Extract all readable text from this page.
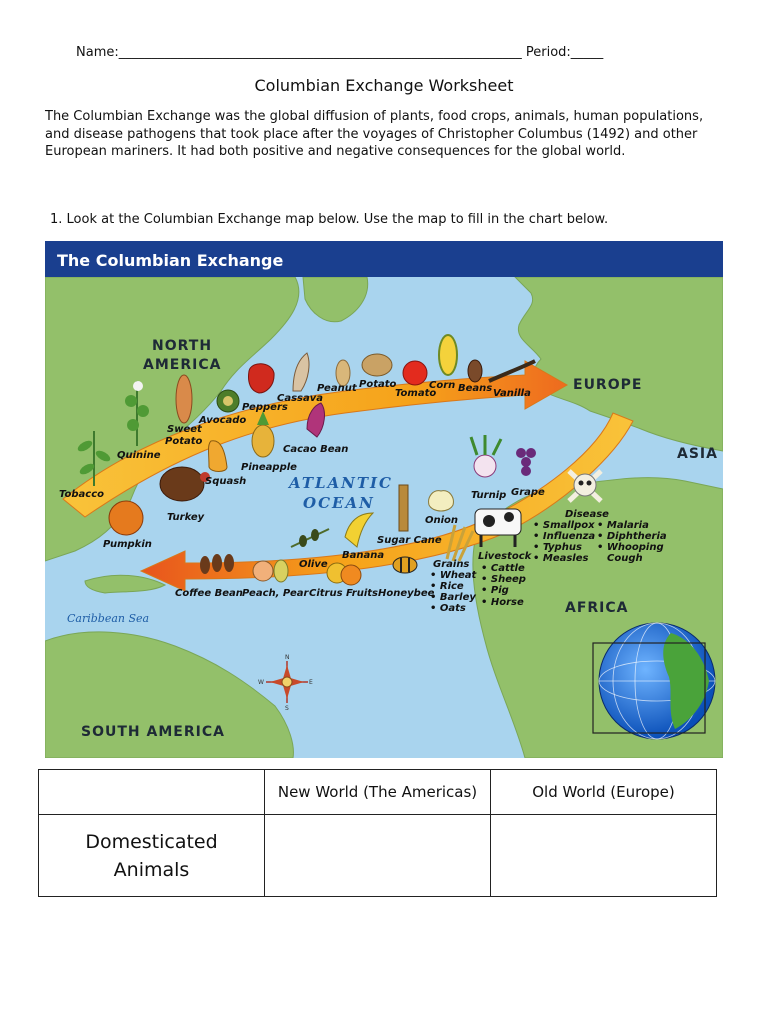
Name:______________________________________________________________ Period:_____
Columbian Exchange Worksheet
The Columbian Exchange was the global diffusion of plants, food crops, animals, human populations, and disease pathogens that took place after the voyages of Christopher Columbus (1492) and other European mariners. It had both positive and negative consequences for the global world.
1. Look at the Columbian Exchange map below. Use the map to fill in the chart below.
The Columbian Exchange
NORTH
AMERICA
EUROPE
ASIA
AFRICA
SOUTH AMERICA
ATLANTIC
OCEAN
Caribbean Sea
Tobacco
Quinine
Sweet
Potato
Avocado
Peppers
Cassava
Peanut Potato
Tomato
Corn Beans Vanilla
Cacao Bean
Pineapple
Squash
Turkey
Pumpkin
Turnip Grape
Onion
Sugar Cane
Banana
Olive
Coffee Bean Peach, Pear Citrus Fruits Honeybee
Grains
• Wheat
• Rice
• Barley
• Oats
Livestock
• Cattle
• Sheep
• Pig
• Horse
Disease
• Smallpox
• Influenza
• Typhus
• Measles
• Malaria
• Diphtheria
• Whooping
Cough
N
S
E
W
	New World (The Americas)	Old World (Europe)
Domesticated Animals		
